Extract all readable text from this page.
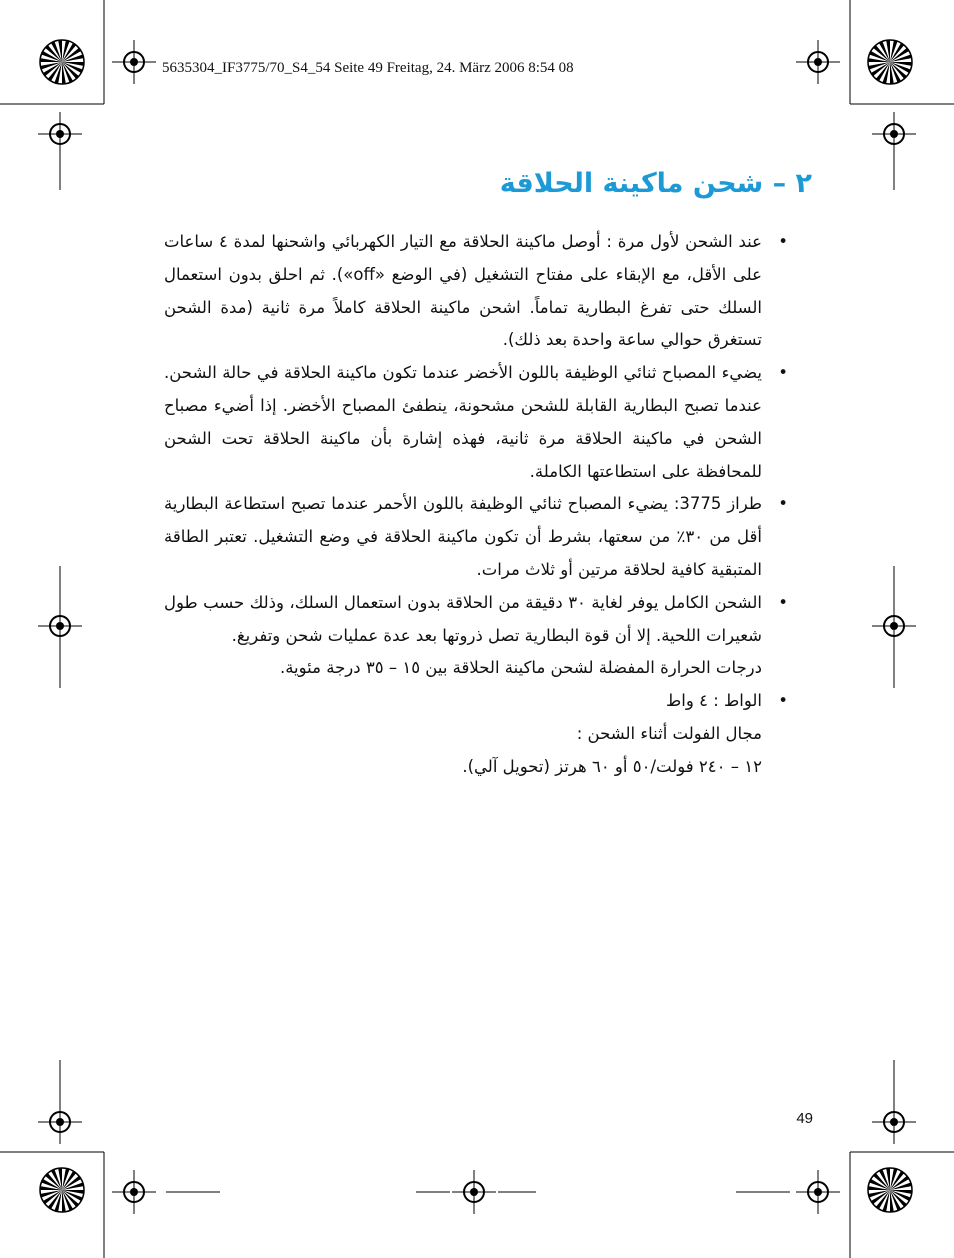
5635304_IF3775/70_S4_54 Seite 49 Freitag, 24. März 2006 8:54 08
٢ – شحن ماكينة الحلاقة

• عند الشحن لأول مرة : أوصل ماكينة الحلاقة مع التيار الكهربائي واشحنها لمدة ٤ ساعات على الأقل، مع الإبقاء على مفتاح التشغيل (في الوضع «off»). ثم احلق بدون استعمال السلك حتى تفرغ البطارية تماماً. اشحن ماكينة الحلاقة كاملاً مرة ثانية (مدة الشحن تستغرق حوالي ساعة واحدة بعد ذلك).

• يضيء المصباح ثنائي الوظيفة باللون الأخضر عندما تكون ماكينة الحلاقة في حالة الشحن. عندما تصبح البطارية القابلة للشحن مشحونة، ينطفئ المصباح الأخضر. إذا أضيء مصباح الشحن في ماكينة الحلاقة مرة ثانية، فهذه إشارة بأن ماكينة الحلاقة تحت الشحن للمحافظة على استطاعتها الكاملة.

• طراز 3775: يضيء المصباح ثنائي الوظيفة باللون الأحمر عندما تصبح استطاعة البطارية أقل من ٣٠٪ من سعتها، بشرط أن تكون ماكينة الحلاقة في وضع التشغيل. تعتبر الطاقة المتبقية كافية لحلاقة مرتين أو ثلاث مرات.

• الشحن الكامل يوفر لغاية ٣٠ دقيقة من الحلاقة بدون استعمال السلك، وذلك حسب طول شعيرات اللحية. إلا أن قوة البطارية تصل ذروتها بعد عدة عمليات شحن وتفريغ.

درجات الحرارة المفضلة لشحن ماكينة الحلاقة بين ١٥ – ٣٥ درجة مئوية.

• الواط : ٤ واط

مجال الفولت أثناء الشحن :

١٢ – ٢٤٠ فولت/٥٠ أو ٦٠ هرتز (تحويل آلي).

49
